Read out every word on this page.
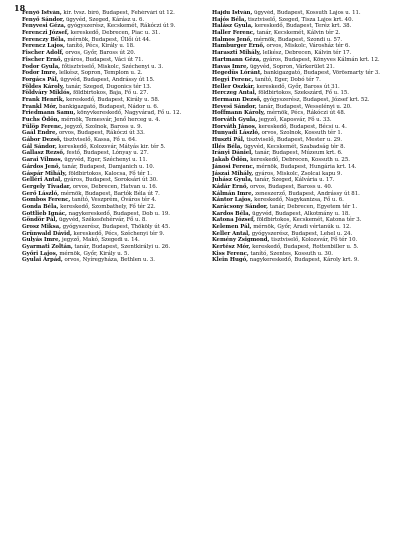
18

Fenyő István, kir. tvsz. bíró, Budapest, Fehérvári út 12.

Fenyő Sándor, ügyvéd, Szeged, Kárász u. 6.

Fenyvesi Géza, gyógyszerész, Kecskemét, Rákóczi út 9.

Ferenczi József, kereskedő, Debrecen, Piac u. 31.

Ferenczy Béla, mérnök, Budapest, Üllői út 44.

Ferencz Lajos, tanító, Pécs, Király u. 18.

Fischer Adolf, orvos, Győr, Baross út 20.

Fischer Ernő, gyáros, Budapest, Váci út 71.

Fodor Gyula, főtisztviselő, Miskolc, Széchenyi u. 3.

Fodor Imre, lelkész, Sopron, Templom u. 2.

Forgács Pál, ügyvéd, Budapest, Andrássy út 15.

Földes Károly, tanár, Szeged, Dugonics tér 13.

Földváry Miklós, földbirtokos, Baja, Fő u. 27.

Frank Henrik, kereskedő, Budapest, Király u. 58.

Frankl Mór, bankigazgató, Budapest, Nádor u. 6.

Friedmann Samu, könyvkereskedő, Nagyvárad, Fő u. 12.

Fuchs Ödön, mérnök, Temesvár, Jenő herceg u. 4.

Fülöp Ferenc, jegyző, Szolnok, Baross u. 9.

Gaál Endre, orvos, Budapest, Rákóczi út 33.

Gábor Dezső, tisztviselő, Kassa, Fő u. 64.

Gál Sándor, kereskedő, Kolozsvár, Mátyás kir. tér 5.

Gallasz Rezső, festő, Budapest, Lónyay u. 27.

Garai Vilmos, ügyvéd, Eger, Széchenyi u. 11.

Gárdos Jenő, tanár, Budapest, Damjanich u. 10.

Gáspár Mihály, földbirtokos, Kalocsa, Fő tér 1.

Gelléri Antal, gyáros, Budapest, Soroksári út 30.

Gergely Tivadar, orvos, Debrecen, Hatvan u. 16.

Gerő László, mérnök, Budapest, Bartók Béla út 7.

Gombos Ferenc, tanító, Veszprém, Óváros tér 4.

Gonda Béla, kereskedő, Szombathely, Fő tér 22.

Gottlieb Ignác, nagykereskedő, Budapest, Dob u. 19.

Göndör Pál, ügyvéd, Székesfehérvár, Fő u. 8.

Grosz Miksa, gyógyszerész, Budapest, Thököly út 45.

Grünwald Dávid, kereskedő, Pécs, Széchenyi tér 9.

Gulyás Imre, jegyző, Makó, Szegedi u. 14.

Gyarmati Zoltán, tanár, Budapest, Szentkirályi u. 26.

Győri Lajos, mérnök, Győr, Király u. 5.

Gyulai Árpád, orvos, Nyíregyháza, Bethlen u. 3.

Hajdu István, ügyvéd, Budapest, Kossuth Lajos u. 11.

Hajós Béla, tisztviselő, Szeged, Tisza Lajos krt. 40.

Halász Gyula, kereskedő, Budapest, Teréz krt. 38.

Haller Ferenc, tanár, Kecskemét, Kálvin tér 2.

Halmos Jenő, mérnök, Budapest, Szondi u. 57.

Hamburger Ernő, orvos, Miskolc, Városház tér 6.

Haraszti Mihály, lelkész, Debrecen, Kálvin tér 17.

Hartmann Géza, gyáros, Budapest, Könyves Kálmán krt. 12.

Havas Imre, ügyvéd, Sopron, Várkerület 21.

Hegedüs Lóránt, bankigazgató, Budapest, Vörösmarty tér 3.

Hegyi Ferenc, tanító, Eger, Dobó tér 7.

Heller Oszkár, kereskedő, Győr, Baross út 31.

Herczeg Antal, földbirtokos, Szekszárd, Fő u. 15.

Hermann Dezső, gyógyszerész, Budapest, József krt. 52.

Hevesi Sándor, tanár, Budapest, Wesselényi u. 20.

Hoffmann Károly, mérnök, Pécs, Rákóczi út 48.

Horváth Gyula, jegyző, Kaposvár, Fő u. 33.

Horváth János, kereskedő, Budapest, Bécsi u. 4.

Hunyadi László, orvos, Szolnok, Kossuth tér 1.

Husztí Pál, tisztviselő, Budapest, Mester u. 29.

Illés Béla, ügyvéd, Kecskemét, Szabadság tér 8.

Irányi Dániel, tanár, Budapest, Múzeum krt. 6.

Jakab Ödön, kereskedő, Debrecen, Kossuth u. 25.

Jánosi Ferenc, mérnök, Budapest, Hungária krt. 14.

Jászai Mihály, gyáros, Miskolc, Zsolcai kapu 9.

Juhász Gyula, tanár, Szeged, Kálvária u. 17.

Kádár Ernő, orvos, Budapest, Baross u. 40.

Kálmán Imre, zeneszerző, Budapest, Andrássy út 81.

Kántor Lajos, kereskedő, Nagykanizsa, Fő u. 6.

Karácsony Sándor, tanár, Debrecen, Egyetem tér 1.

Kardos Béla, ügyvéd, Budapest, Alkotmány u. 18.

Katona József, földbirtokos, Kecskemét, Katona tér 3.

Kelemen Pál, mérnök, Győr, Aradi vértanúk u. 12.

Keller Antal, gyógyszerész, Budapest, Lehel u. 24.

Kemény Zsigmond, tisztviselő, Kolozsvár, Fő tér 10.

Kertész Mór, kereskedő, Budapest, Rottenbiller u. 5.

Kiss Ferenc, tanító, Szentes, Kossuth u. 30.

Klein Hugó, nagykereskedő, Budapest, Károly krt. 9.
